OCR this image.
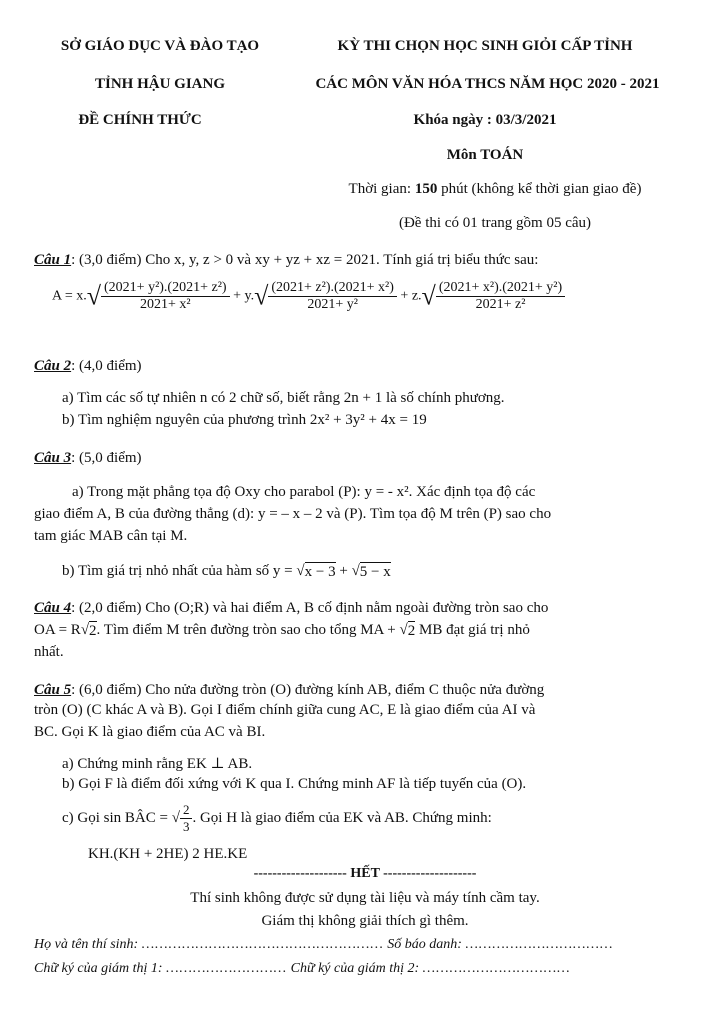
SỞ GIÁO DỤC VÀ ĐÀO TẠO
TỈNH HẬU GIANG
ĐỀ CHÍNH THỨC
KỲ THI CHỌN HỌC SINH GIỎI CẤP TỈNH
CÁC MÔN VĂN HÓA THCS NĂM HỌC 2020 - 2021
Khóa ngày : 03/3/2021
Môn TOÁN
Thời gian: 150 phút (không kể thời gian giao đề)
(Đề thi có 01 trang gồm 05 câu)
Câu 1: (3,0 điểm) Cho x, y, z > 0 và xy + yz + xz = 2021. Tính giá trị biểu thức sau:
$A = x.√ \frac{\text{(2021+ y²).(2021+ z²)}}{\text{2021+ x²}} + y.√ \frac{\text{(2021+ z²).(2021+ x²)}}{\text{2021+ y²}} + z.√ \frac{\text{(2021+ x²).(2021+ y²)}}{\text{2021+ z²}}$
Câu 2: (4,0 điểm)
a) Tìm các số tự nhiên n có 2 chữ số, biết rằng 2n + 1 là số chính phương.
b) Tìm nghiệm nguyên của phương trình 2x² + 3y² + 4x = 19
Câu 3: (5,0 điểm)
a) Trong mặt phẳng tọa độ Oxy cho parabol (P): y = - x². Xác định tọa độ các
giao điểm A, B của đường thẳng (d): y = – x – 2 và (P). Tìm tọa độ M trên (P) sao cho
tam giác MAB cân tại M.
b) Tìm giá trị nhỏ nhất của hàm số y = √x − 3 + √5 − x
Câu 4: (2,0 điểm) Cho (O;R) và hai điểm A, B cố định nằm ngoài đường tròn sao cho
OA = R√2. Tìm điểm M trên đường tròn sao cho tổng MA + √2 MB đạt giá trị nhỏ
nhất.
Câu 5: (6,0 điểm) Cho nửa đường tròn (O) đường kính AB, điểm C thuộc nửa đường
tròn (O) (C khác A và B). Gọi I điểm chính giữa cung AC, E là giao điểm của AI và
BC. Gọi K là giao điểm của AC và BI.
a) Chứng minh rằng EK ⊥ AB.
b) Gọi F là điểm đối xứng với K qua I. Chứng minh AF là tiếp tuyến của (O).
c) Gọi sin BÂC = √ $\frac{2}{3}$ . Gọi H là giao điểm của EK và AB. Chứng minh:
KH.(KH + 2HE) 2 HE.KE
-------------------- HẾT --------------------
Thí sinh không được sử dụng tài liệu và máy tính cầm tay.
Giám thị không giải thích gì thêm.
Họ và tên thí sinh: ……………………………………………… Số báo danh: ……………………………
Chữ ký của giám thị 1: ……………………… Chữ ký của giám thị 2: ……………………………
